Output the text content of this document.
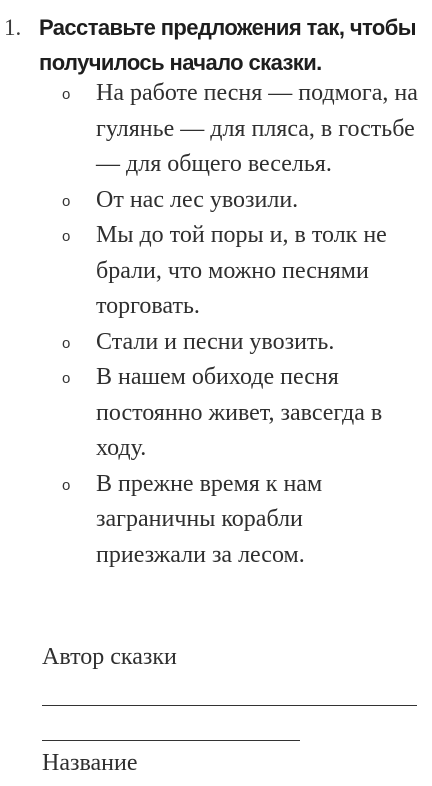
1. Расставьте предложения так, чтобы получилось начало сказки.
o На работе песня — подмога, на гулянье — для пляса, в гостьбе — для общего веселья.
o От нас лес увозили.
o Мы до той поры и, в толк не брали, что можно песнями торговать.
o Стали и песни увозить.
o В нашем обиходе песня постоянно живет, завсегда в ходу.
o В прежне время к нам заграничны корабли приезжали за лесом.
Автор сказки
Название
